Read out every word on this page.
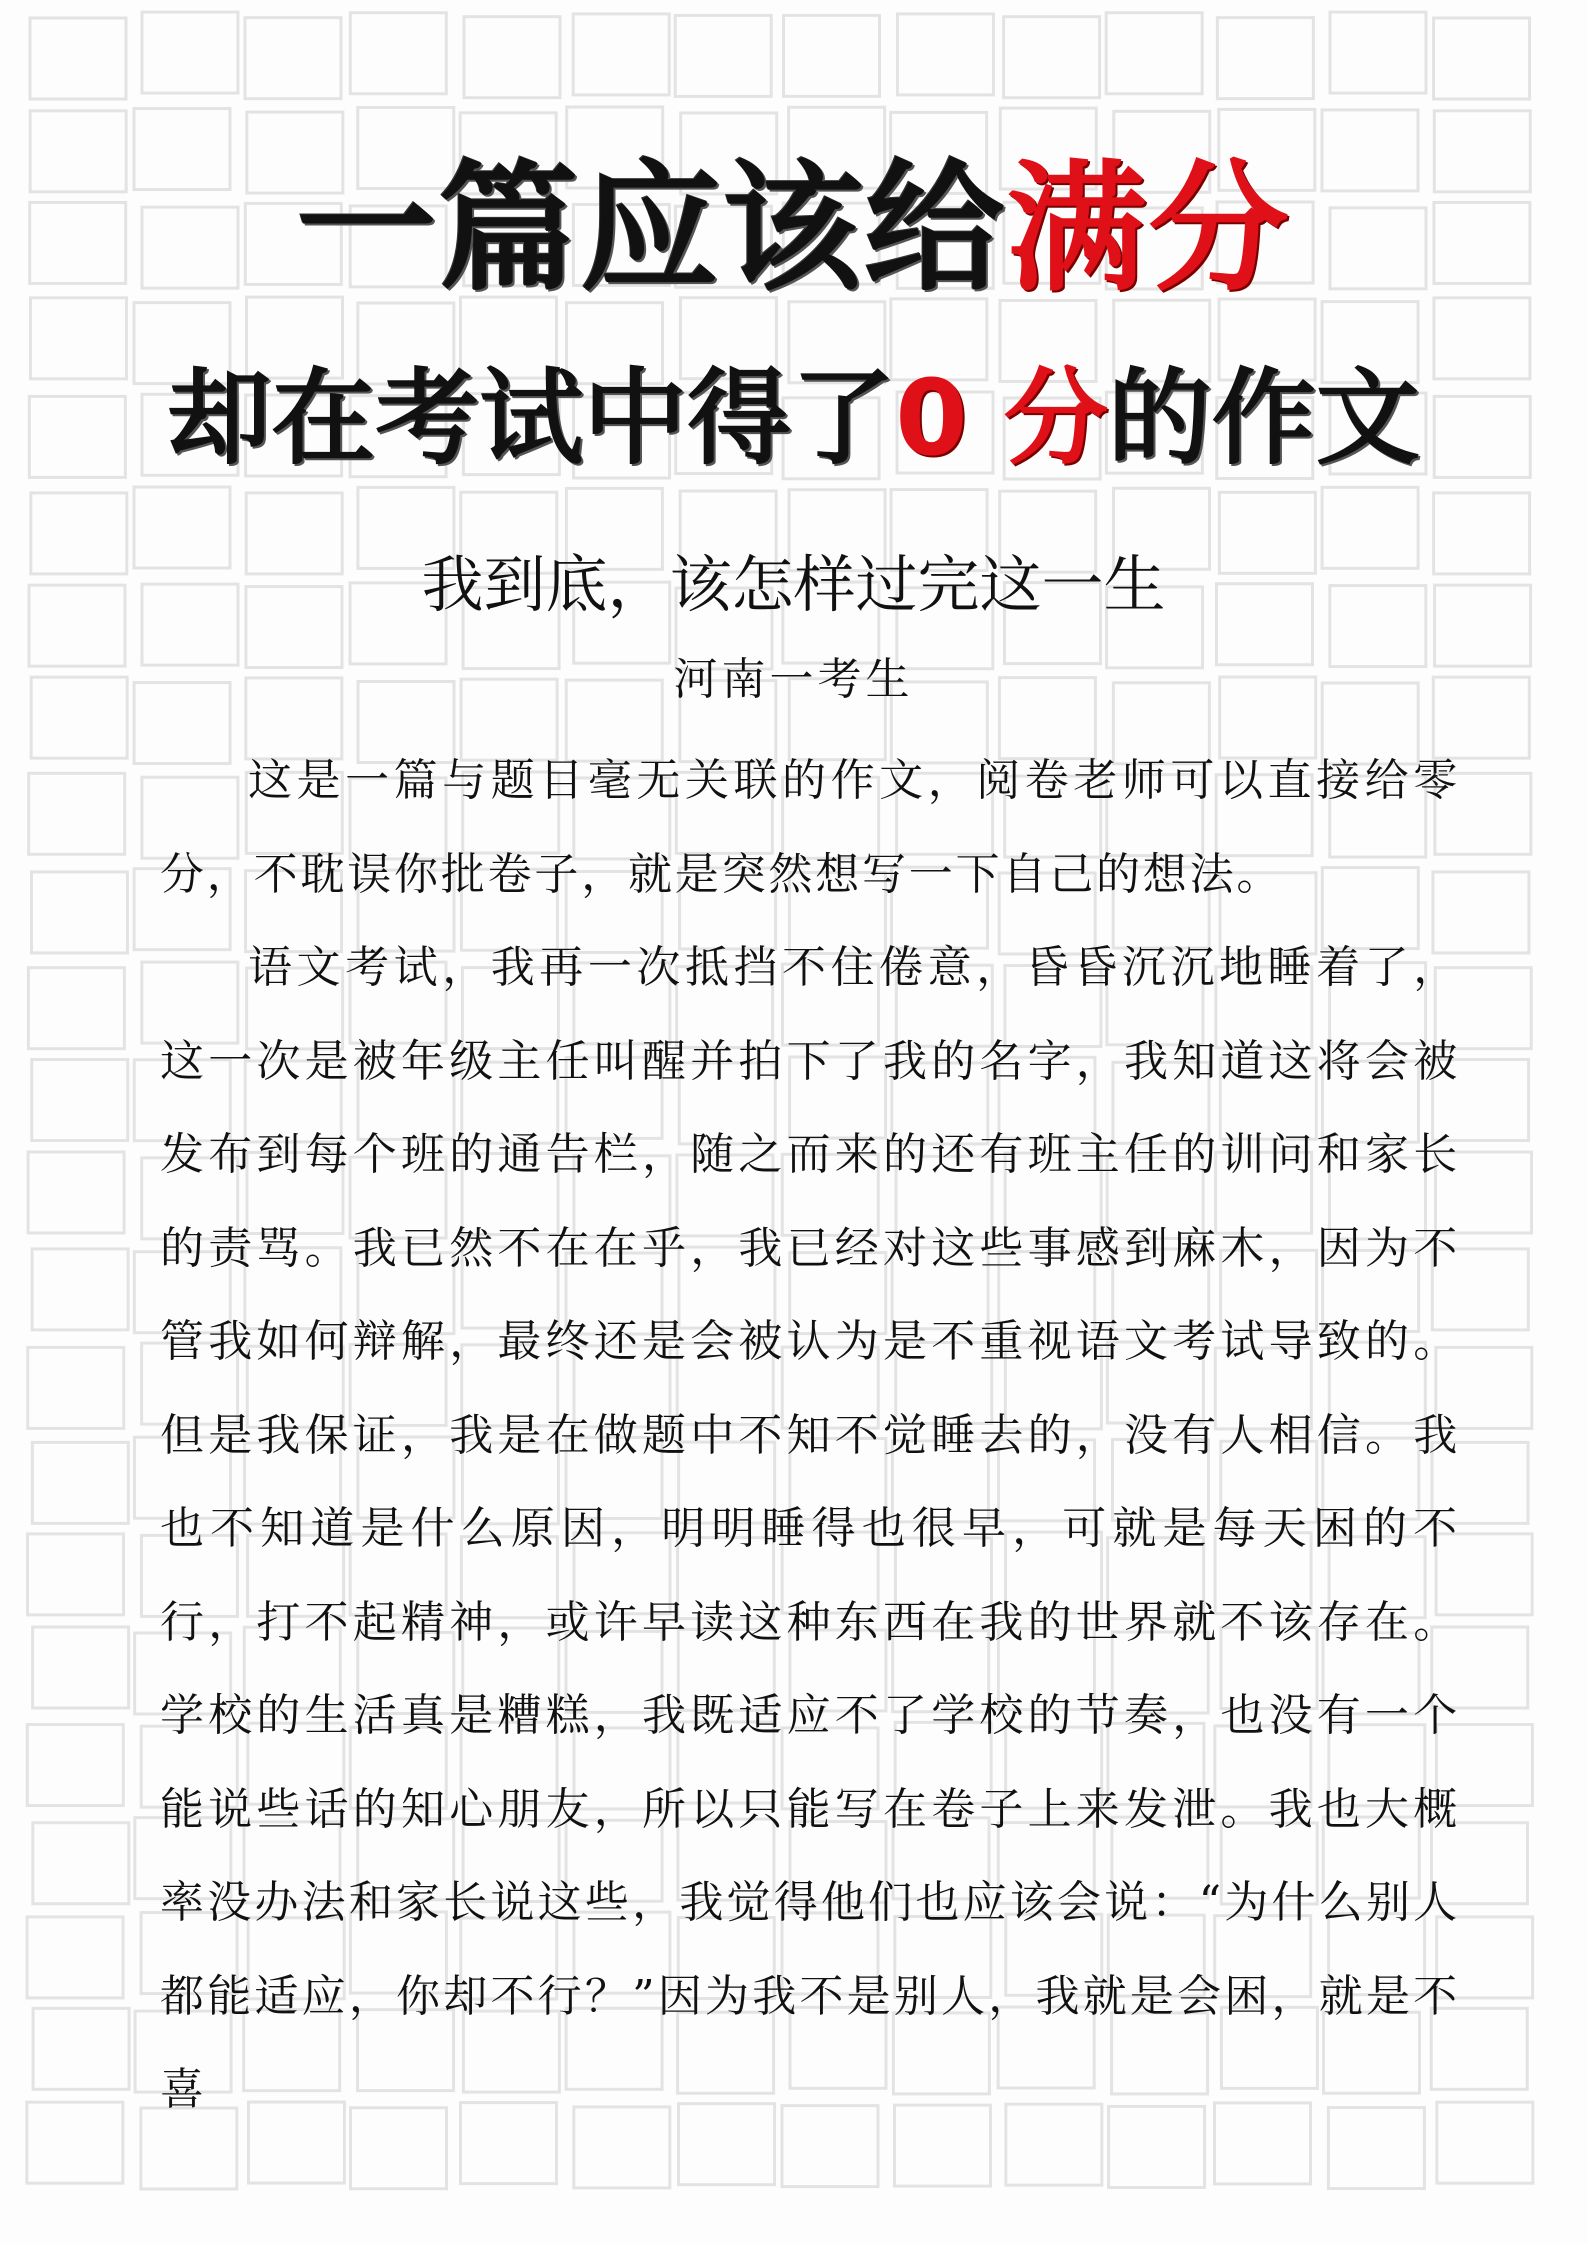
一篇应该给满分
却在考试中得了0 分的作文
我到底，该怎样过完这一生
河南一考生

这是一篇与题目毫无关联的作文，阅卷老师可以直接给零分，不耽误你批卷子，就是突然想写一下自己的想法。

语文考试，我再一次抵挡不住倦意，昏昏沉沉地睡着了，这一次是被年级主任叫醒并拍下了我的名字，我知道这将会被发布到每个班的通告栏，随之而来的还有班主任的训问和家长的责骂。我已然不在在乎，我已经对这些事感到麻木，因为不管我如何辩解，最终还是会被认为是不重视语文考试导致的。但是我保证，我是在做题中不知不觉睡去的，没有人相信。我也不知道是什么原因，明明睡得也很早，可就是每天困的不行，打不起精神，或许早读这种东西在我的世界就不该存在。学校的生活真是糟糕，我既适应不了学校的节奏，也没有一个能说些话的知心朋友，所以只能写在卷子上来发泄。我也大概率没办法和家长说这些，我觉得他们也应该会说：“为什么别人都能适应，你却不行？”因为我不是别人，我就是会困，就是不喜
